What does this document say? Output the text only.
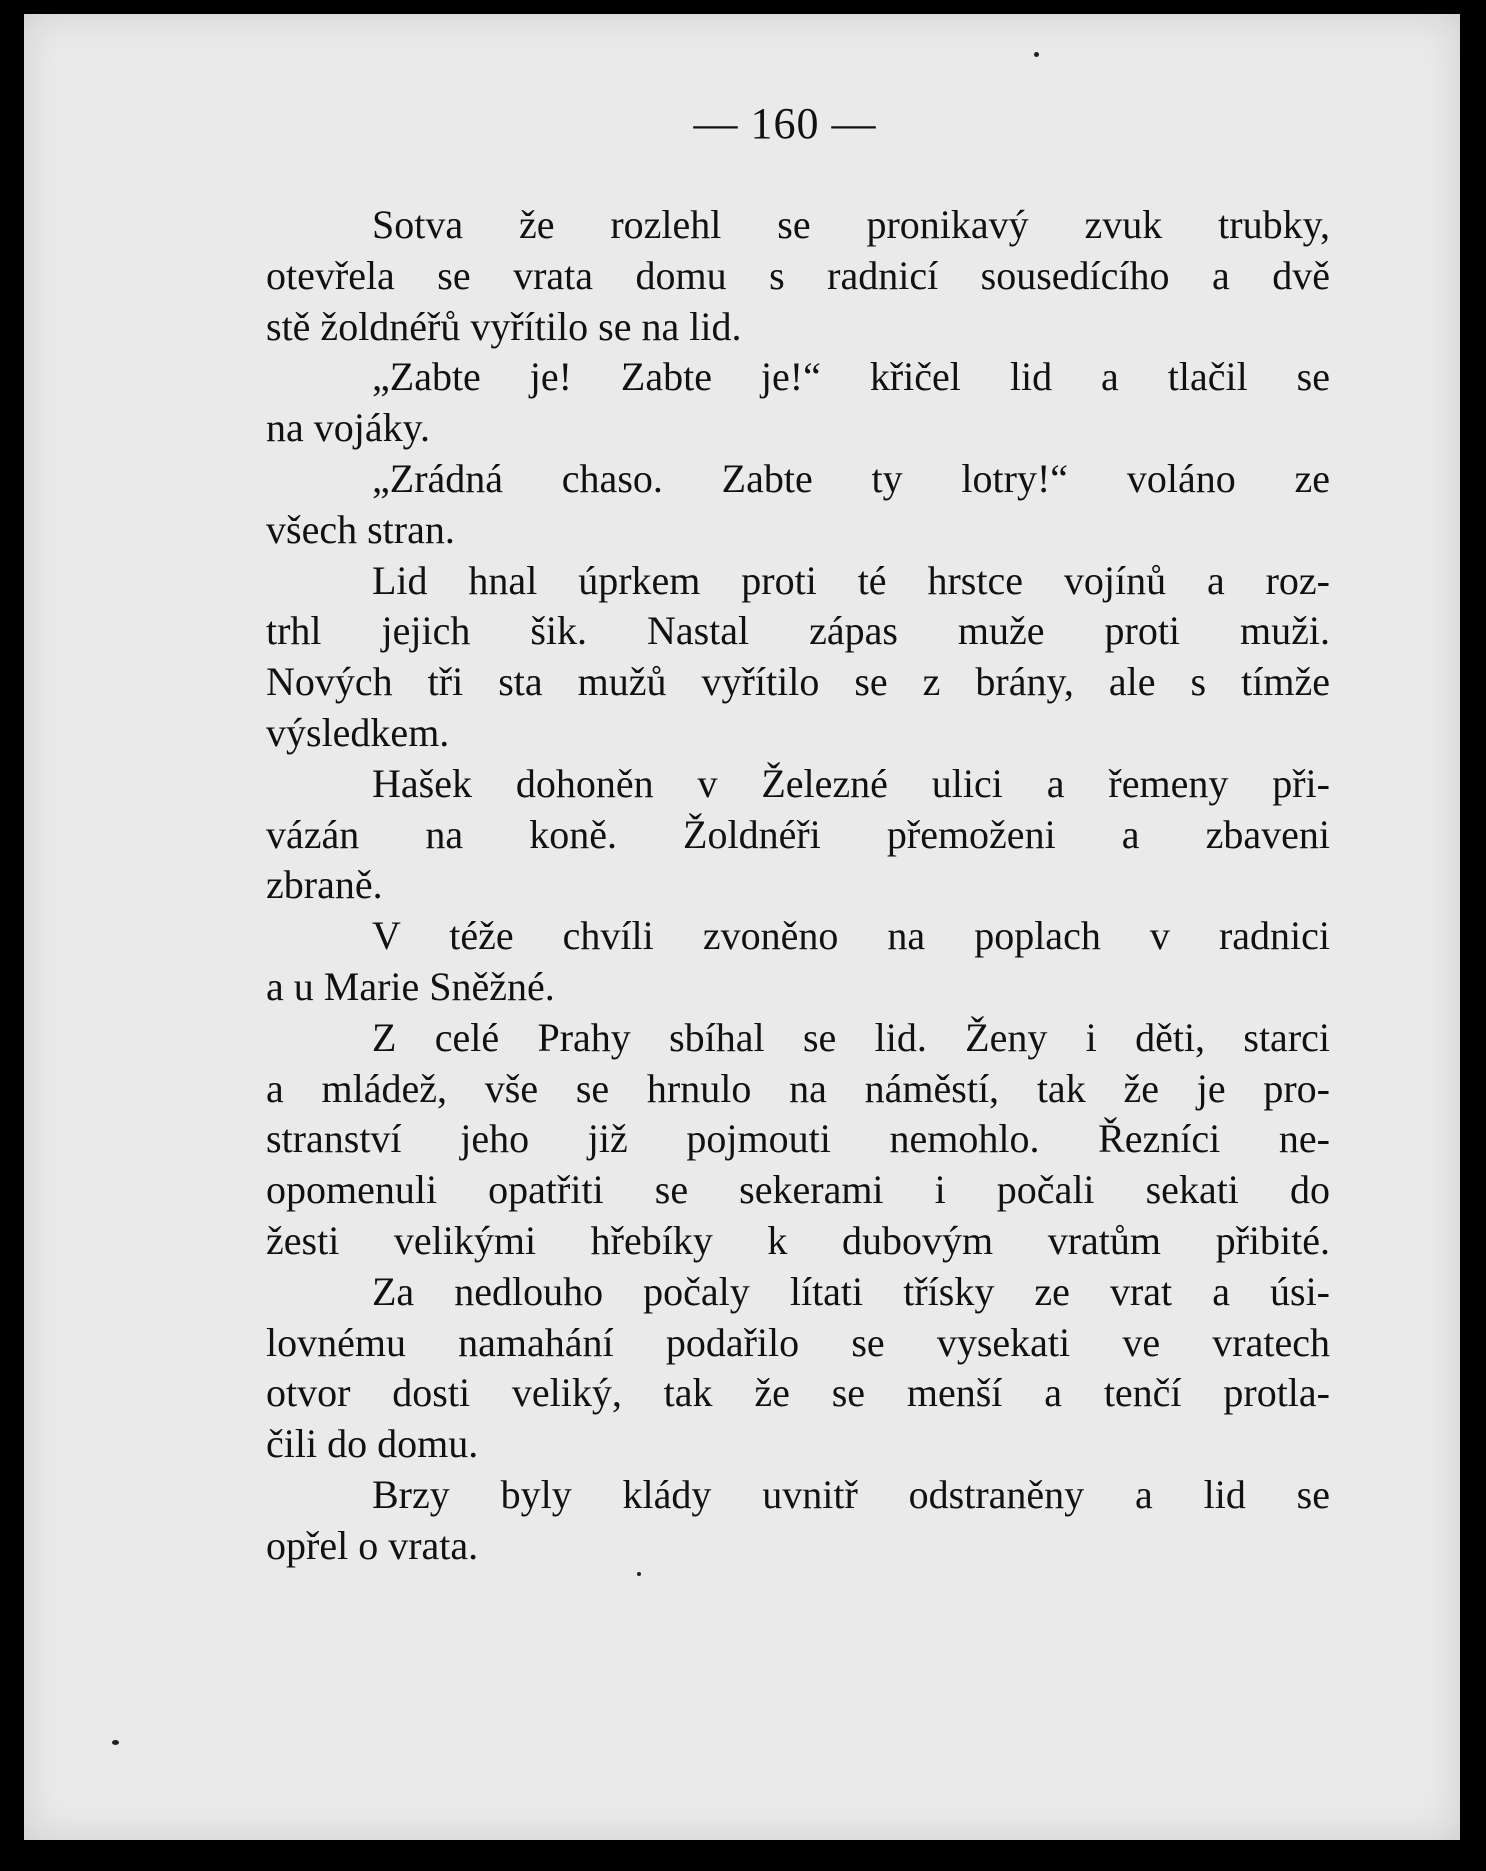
— 160 —
Sotva že rozlehl se pronikavý zvuk trubky,
otevřela se vrata domu s radnicí sousedícího a dvě
stě žoldnéřů vyřítilo se na lid.
„Zabte je! Zabte je!“ křičel lid a tlačil se
na vojáky.
„Zrádná chaso. Zabte ty lotry!“ voláno ze
všech stran.
Lid hnal úprkem proti té hrstce vojínů a roz-
trhl jejich šik. Nastal zápas muže proti muži.
Nových tři sta mužů vyřítilo se z brány, ale s tímže
výsledkem.
Hašek dohoněn v Železné ulici a řemeny při-
vázán na koně. Žoldnéři přemoženi a zbaveni
zbraně.
V téže chvíli zvoněno na poplach v radnici
a u Marie Sněžné.
Z celé Prahy sbíhal se lid. Ženy i děti, starci
a mládež, vše se hrnulo na náměstí, tak že je pro-
stranství jeho již pojmouti nemohlo. Řezníci ne-
opomenuli opatřiti se sekerami i počali sekati do
žesti velikými hřebíky k dubovým vratům přibité.
Za nedlouho počaly lítati třísky ze vrat a úsi-
lovnému namahání podařilo se vysekati ve vratech
otvor dosti veliký, tak že se menší a tenčí protla-
čili do domu.
Brzy byly klády uvnitř odstraněny a lid se
opřel o vrata.
